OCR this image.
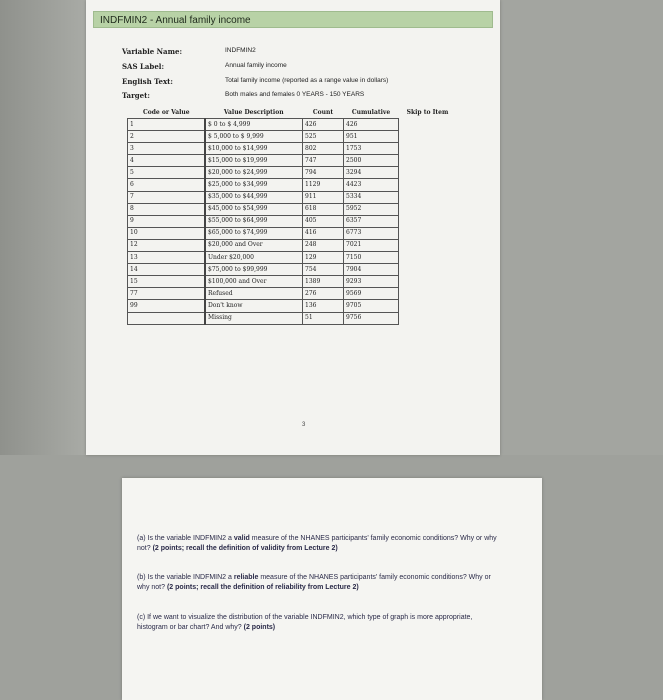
INDFMIN2 - Annual family income
Variable Name:	INDFMIN2
SAS Label:	Annual family income
English Text:	Total family income (reported as a range value in dollars)
Target:	Both males and females 0 YEARS - 150 YEARS
Code or Value	Value Description	Count	Cumulative	Skip to Item
1	$ 0 to $ 4,999	426	426	
2	$ 5,000 to $ 9,999	525	951	
3	$10,000 to $14,999	802	1753	
4	$15,000 to $19,999	747	2500	
5	$20,000 to $24,999	794	3294	
6	$25,000 to $34,999	1129	4423	
7	$35,000 to $44,999	911	5334	
8	$45,000 to $54,999	618	5952	
9	$55,000 to $64,999	405	6357	
10	$65,000 to $74,999	416	6773	
12	$20,000 and Over	248	7021	
13	Under $20,000	129	7150	
14	$75,000 to $99,999	754	7904	
15	$100,000 and Over	1389	9293	
77	Refused	276	9569	
99	Don't know	136	9705	
	Missing	51	9756	
3
(a) Is the variable INDFMIN2 a valid measure of the NHANES participants' family economic conditions? Why or why not? (2 points; recall the definition of validity from Lecture 2)
(b) Is the variable INDFMIN2 a reliable measure of the NHANES participants' family economic conditions? Why or why not? (2 points; recall the definition of reliability from Lecture 2)
(c) If we want to visualize the distribution of the variable INDFMIN2, which type of graph is more appropriate, histogram or bar chart? And why? (2 points)
